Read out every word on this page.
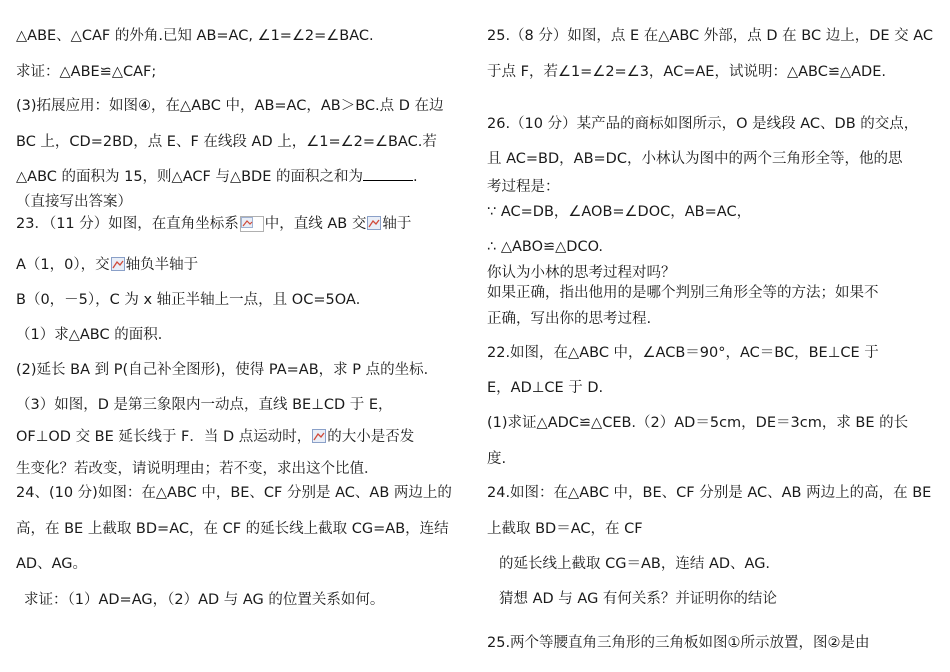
△ABE、△CAF 的外角.已知 AB=AC, ∠1=∠2=∠BAC.
求证：△ABE≌△CAF;
(3)拓展应用：如图④，在△ABC 中，AB=AC，AB＞BC.点 D 在边
BC 上，CD=2BD，点 E、F 在线段 AD 上，∠1=∠2=∠BAC.若
△ABC 的面积为 15，则△ACF 与△BDE 的面积之和为	.
（直接写出答案）
23．（11 分）如图，在直角坐标系 中，直线 AB 交 轴于
A（1，0），交 轴负半轴于
B（0，－5），C 为 x 轴正半轴上一点，且 OC=5OA．
（1）求△ABC 的面积．
(2)延长 BA 到 P(自己补全图形)，使得 PA=AB，求 P 点的坐标．
（3）如图，D 是第三象限内一动点，直线 BE⊥CD 于 E，
OF⊥OD 交 BE 延长线于 F．当 D 点运动时， 的大小是否发
生变化？若改变，请说明理由；若不变，求出这个比值．
24、(10 分)如图：在△ABC 中，BE、CF 分别是 AC、AB 两边上的
高，在 BE 上截取 BD=AC，在 CF 的延长线上截取 CG=AB，连结
AD、AG。
求证：（1）AD=AG，（2）AD 与 AG 的位置关系如何。
25.（8 分）如图，点 E 在△ABC 外部，点 D 在 BC 边上，DE 交 AC
于点 F，若∠1=∠2=∠3，AC=AE，试说明：△ABC≌△ADE.
26.（10 分）某产品的商标如图所示，O 是线段 AC、DB 的交点，
且 AC=BD，AB=DC，小林认为图中的两个三角形全等，他的思
考过程是：
∵ AC=DB，∠AOB=∠DOC，AB=AC，
∴ △ABO≌△DCO.
你认为小林的思考过程对吗？
如果正确，指出他用的是哪个判别三角形全等的方法；如果不
正确，写出你的思考过程.
22.如图，在△ABC 中，∠ACB＝90°，AC＝BC，BE⊥CE 于
E，AD⊥CE 于 D.
(1)求证△ADC≌△CEB.（2）AD＝5cm，DE＝3cm，求 BE 的长
度.
24.如图：在△ABC 中，BE、CF 分别是 AC、AB 两边上的高，在 BE
上截取 BD＝AC，在 CF
的延长线上截取 CG＝AB，连结 AD、AG.
猜想 AD 与 AG 有何关系？并证明你的结论
25.两个等腰直角三角形的三角板如图①所示放置，图②是由
